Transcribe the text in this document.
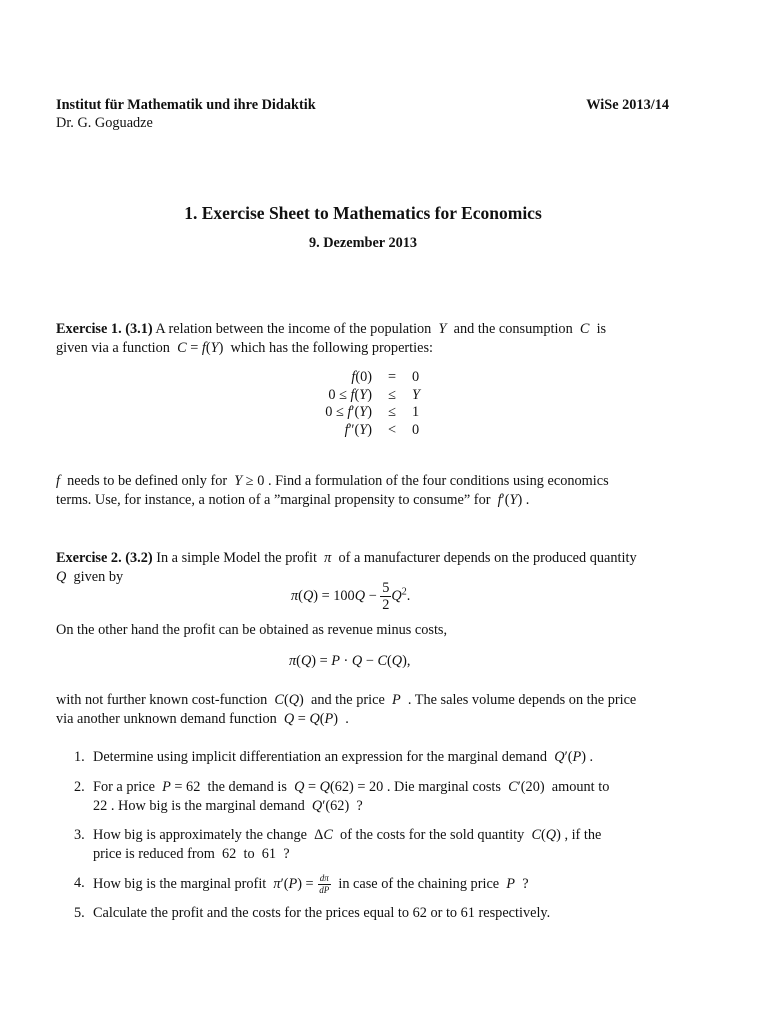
Institut für Mathematik und ihre Didaktik
Dr. G. Goguadze
WiSe 2013/14
1. Exercise Sheet to Mathematics for Economics
9. Dezember 2013
Exercise 1. (3.1) A relation between the income of the population  Y  and the consumption  C  is
given via a function  C = f(Y)  which has the following properties:
f(0)	=	0
0 ≤ f(Y)	≤	Y
0 ≤ f′(Y)	≤	1
f″(Y)	<	0
f  needs to be defined only for  Y ≥ 0 . Find a formulation of the four conditions using economics
terms. Use, for instance, a notion of a ”marginal propensity to consume” for  f′(Y) .
Exercise 2. (3.2) In a simple Model the profit  π  of a manufacturer depends on the produced quantity
Q  given by
$\pi(Q) = 100Q - \frac{5}{2} Q^2$.
On the other hand the profit can be obtained as revenue minus costs,
π(Q) = P · Q − C(Q),
with not further known cost-function  C(Q)  and the price  P  . The sales volume depends on the price
via another unknown demand function  Q = Q(P)  .
1. Determine using implicit differentiation an expression for the marginal demand  Q′(P) .
2. For a price  P = 62  the demand is  Q = Q(62) = 20 . Die marginal costs  C′(20)  amount to
22 . How big is the marginal demand  Q′(62)  ?
3. How big is approximately the change  ΔC  of the costs for the sold quantity  C(Q) , if the
price is reduced from  62  to  61  ?
4. How big is the marginal profit  $\pi'(P) = \frac{d\pi}{dP}$ in case of the chaining price  P  ?
5. Calculate the profit and the costs for the prices equal to 62 or to 61 respectively.
